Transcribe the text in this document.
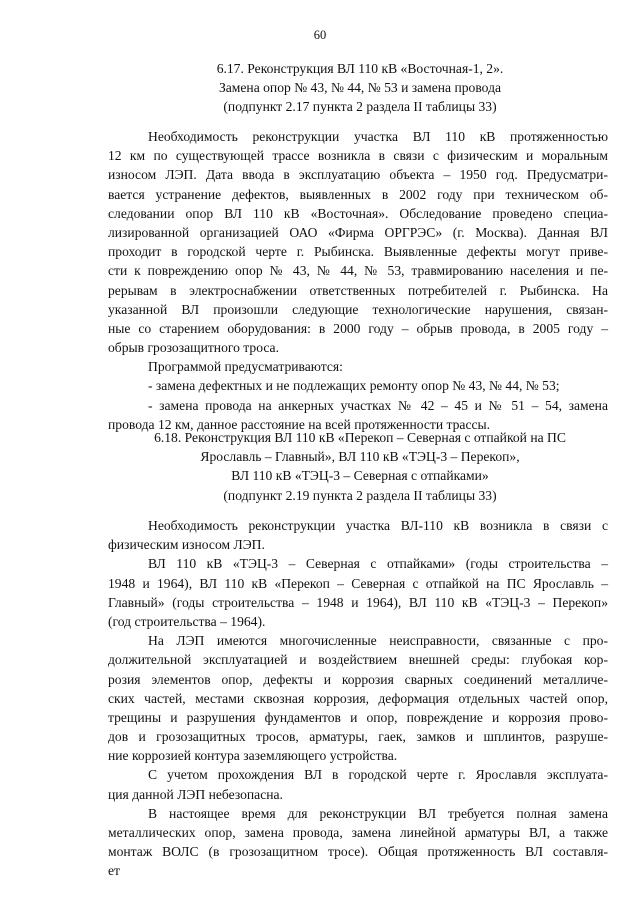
60
6.17. Реконструкция ВЛ 110 кВ «Восточная-1, 2».
Замена опор № 43, № 44, № 53 и замена провода
(подпункт 2.17 пункта 2 раздела II таблицы 33)
Необходимость реконструкции участка ВЛ 110 кВ протяженностью
12 км по существующей трассе возникла в связи с физическим и моральным
износом ЛЭП. Дата ввода в эксплуатацию объекта – 1950 год. Предусматри-
вается устранение дефектов, выявленных в 2002 году при техническом об-
следовании опор ВЛ 110 кВ «Восточная». Обследование проведено специа-
лизированной организацией ОАО «Фирма ОРГРЭС» (г. Москва). Данная ВЛ
проходит в городской черте г. Рыбинска. Выявленные дефекты могут приве-
сти к повреждению опор № 43, № 44, № 53, травмированию населения и пе-
рерывам в электроснабжении ответственных потребителей г. Рыбинска. На
указанной ВЛ произошли следующие технологические нарушения, связан-
ные со старением оборудования: в 2000 году – обрыв провода, в 2005 году –
обрыв грозозащитного троса.
Программой предусматриваются:
- замена дефектных и не подлежащих ремонту опор № 43, № 44, № 53;
- замена провода на анкерных участках № 42 – 45 и № 51 – 54, замена
провода 12 км, данное расстояние на всей протяженности трассы.
6.18. Реконструкция ВЛ 110 кВ «Перекоп – Северная с отпайкой на ПС
Ярославль – Главный», ВЛ 110 кВ «ТЭЦ-3 – Перекоп»,
ВЛ 110 кВ «ТЭЦ-3 – Северная с отпайками»
(подпункт 2.19 пункта 2 раздела II таблицы 33)
Необходимость реконструкции участка ВЛ-110 кВ возникла в связи с
физическим износом ЛЭП.
ВЛ 110 кВ «ТЭЦ-3 – Северная с отпайками» (годы строительства –
1948 и 1964), ВЛ 110 кВ «Перекоп – Северная с отпайкой на ПС Ярославль –
Главный» (годы строительства – 1948 и 1964), ВЛ 110 кВ «ТЭЦ-3 – Перекоп»
(год строительства – 1964).
На ЛЭП имеются многочисленные неисправности, связанные с про-
должительной эксплуатацией и воздействием внешней среды: глубокая кор-
розия элементов опор, дефекты и коррозия сварных соединений металличе-
ских частей, местами сквозная коррозия, деформация отдельных частей опор,
трещины и разрушения фундаментов и опор, повреждение и коррозия прово-
дов и грозозащитных тросов, арматуры, гаек, замков и шплинтов, разруше-
ние коррозией контура заземляющего устройства.
С учетом прохождения ВЛ в городской черте г. Ярославля эксплуата-
ция данной ЛЭП небезопасна.
В настоящее время для реконструкции ВЛ требуется полная замена
металлических опор, замена провода, замена линейной арматуры ВЛ, а также
монтаж ВОЛС (в грозозащитном тросе). Общая протяженность ВЛ составля-
ет
